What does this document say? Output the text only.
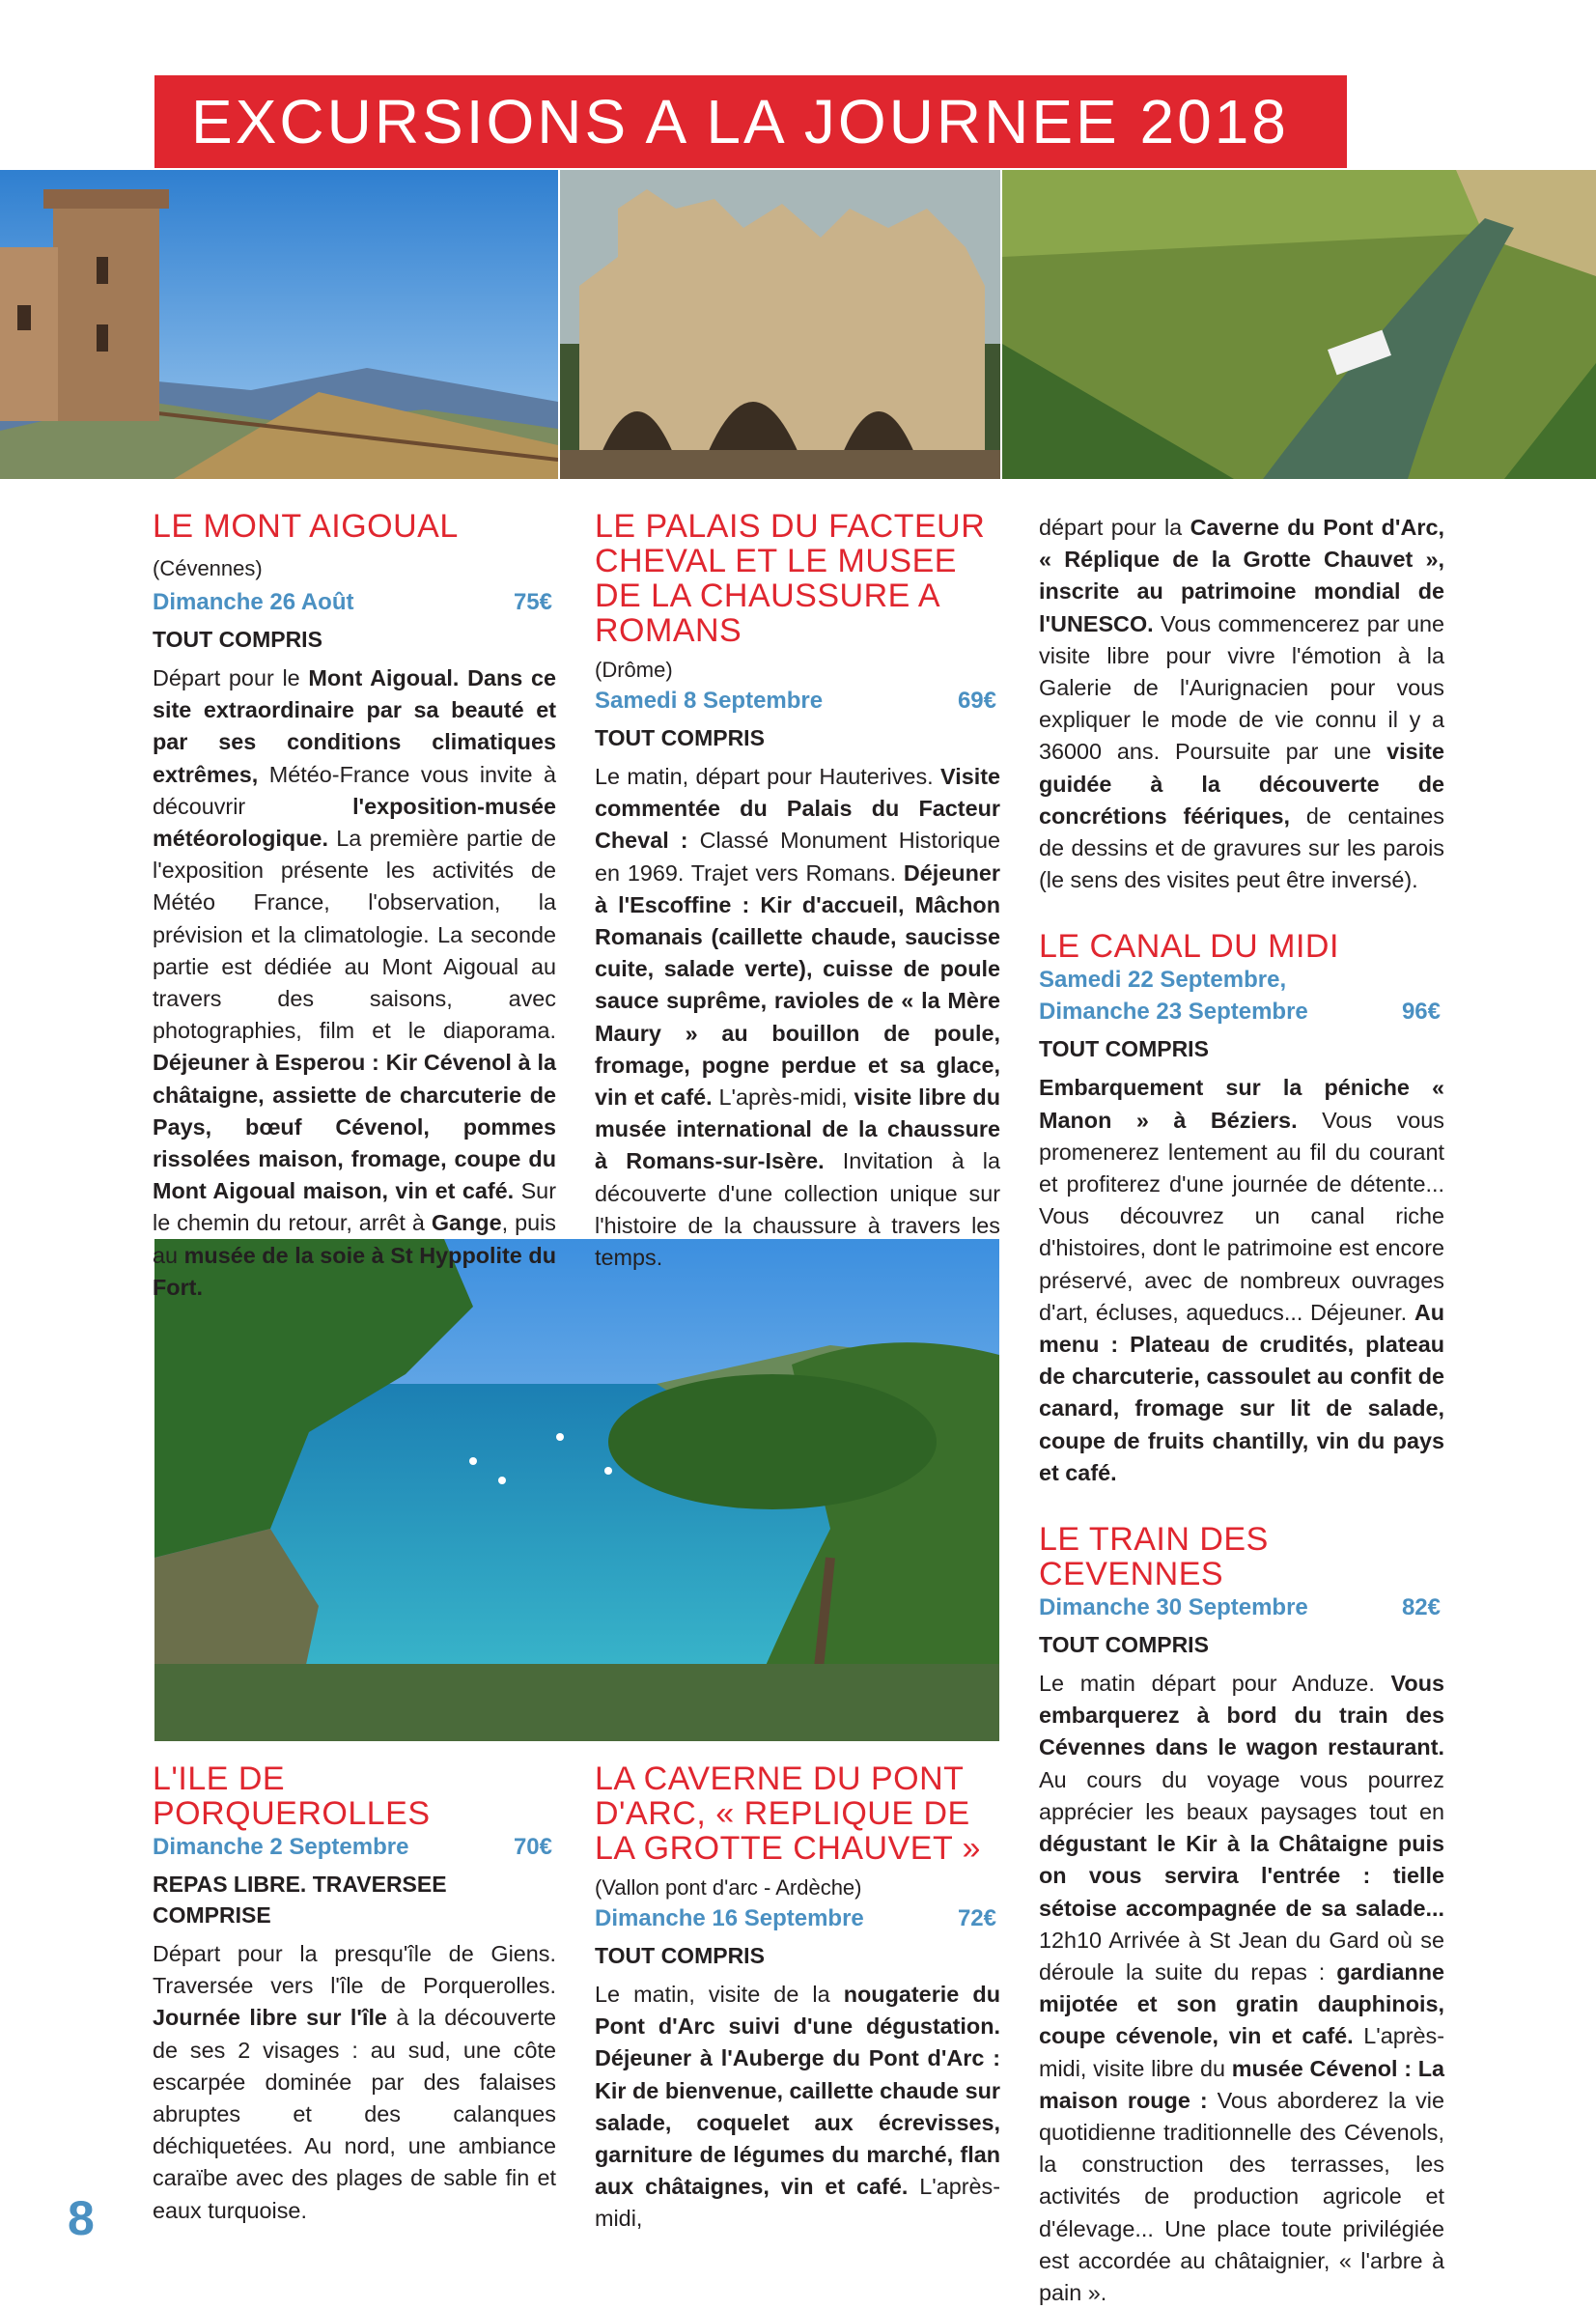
EXCURSIONS A LA JOURNEE 2018
LE MONT AIGOUAL (Cévennes)
Dimanche 26 Août	75€
TOUT COMPRIS

Départ pour le Mont Aigoual. Dans ce site extraordinaire par sa beauté et par ses conditions climatiques extrêmes, Météo-France vous invite à découvrir l'exposition-musée météorologique. La première partie de l'exposition présente les activités de Météo France, l'observation, la prévision et la climatologie. La seconde partie est dédiée au Mont Aigoual au travers des saisons, avec photographies, film et le diaporama. Déjeuner à Esperou : Kir Cévenol à la châtaigne, assiette de charcuterie de Pays, bœuf Cévenol, pommes rissolées maison, fromage, coupe du Mont Aigoual maison, vin et café. Sur le chemin du retour, arrêt à Gange, puis au musée de la soie à St Hyppolite du Fort.

LE PALAIS DU FACTEUR CHEVAL ET LE MUSEE DE LA CHAUSSURE A ROMANS
(Drôme)
Samedi 8 Septembre	69€
TOUT COMPRIS

Le matin, départ pour Hauterives. Visite commentée du Palais du Facteur Cheval : Classé Monument Historique en 1969. Trajet vers Romans. Déjeuner à l'Escoffine : Kir d'accueil, Mâchon Romanais (caillette chaude, saucisse cuite, salade verte), cuisse de poule sauce suprême, ravioles de « la Mère Maury » au bouillon de poule, fromage, pogne perdue et sa glace, vin et café. L'après-midi, visite libre du musée international de la chaussure à Romans-sur-Isère. Invitation à la découverte d'une collection unique sur l'histoire de la chaussure à travers les temps.

départ pour la Caverne du Pont d'Arc, « Réplique de la Grotte Chauvet », inscrite au patrimoine mondial de l'UNESCO. Vous commencerez par une visite libre pour vivre l'émotion à la Galerie de l'Aurignacien pour vous expliquer le mode de vie connu il y a 36000 ans. Poursuite par une visite guidée à la découverte de concrétions féériques, de centaines de dessins et de gravures sur les parois (le sens des visites peut être inversé).

LE CANAL DU MIDI
Samedi 22 Septembre,
Dimanche 23 Septembre	96€
TOUT COMPRIS

Embarquement sur la péniche « Manon » à Béziers. Vous vous promenerez lentement au fil du courant et profiterez d'une journée de détente... Vous découvrez un canal riche d'histoires, dont le patrimoine est encore préservé, avec de nombreux ouvrages d'art, écluses, aqueducs... Déjeuner. Au menu : Plateau de crudités, plateau de charcuterie, cassoulet au confit de canard, fromage sur lit de salade, coupe de fruits chantilly, vin du pays et café.

LE TRAIN DES CEVENNES
Dimanche 30 Septembre	82€
TOUT COMPRIS

Le matin départ pour Anduze. Vous embarquerez à bord du train des Cévennes dans le wagon restaurant. Au cours du voyage vous pourrez apprécier les beaux paysages tout en dégustant le Kir à la Châtaigne puis on vous servira l'entrée : tielle sétoise accompagnée de sa salade... 12h10 Arrivée à St Jean du Gard où se déroule la suite du repas : gardianne mijotée et son gratin dauphinois, coupe cévenole, vin et café. L'après-midi, visite libre du musée Cévenol : La maison rouge : Vous aborderez la vie quotidienne traditionnelle des Cévenols, la construction des terrasses, les activités de production agricole et d'élevage... Une place toute privilégiée est accordée au châtaignier, « l'arbre à pain ».

L'ILE DE PORQUEROLLES
Dimanche 2 Septembre	70€
REPAS LIBRE. TRAVERSEE COMPRISE

Départ pour la presqu'île de Giens. Traversée vers l'île de Porquerolles. Journée libre sur l'île à la découverte de ses 2 visages : au sud, une côte escarpée dominée par des falaises abruptes et des calanques déchiquetées. Au nord, une ambiance caraïbe avec des plages de sable fin et eaux turquoise.

LA CAVERNE DU PONT D'ARC, « REPLIQUE DE LA GROTTE CHAUVET »
(Vallon pont d'arc - Ardèche)
Dimanche 16 Septembre	72€
TOUT COMPRIS

Le matin, visite de la nougaterie du Pont d'Arc suivi d'une dégustation. Déjeuner à l'Auberge du Pont d'Arc : Kir de bienvenue, caillette chaude sur salade, coquelet aux écrevisses, garniture de légumes du marché, flan aux châtaignes, vin et café. L'après-midi,

8
